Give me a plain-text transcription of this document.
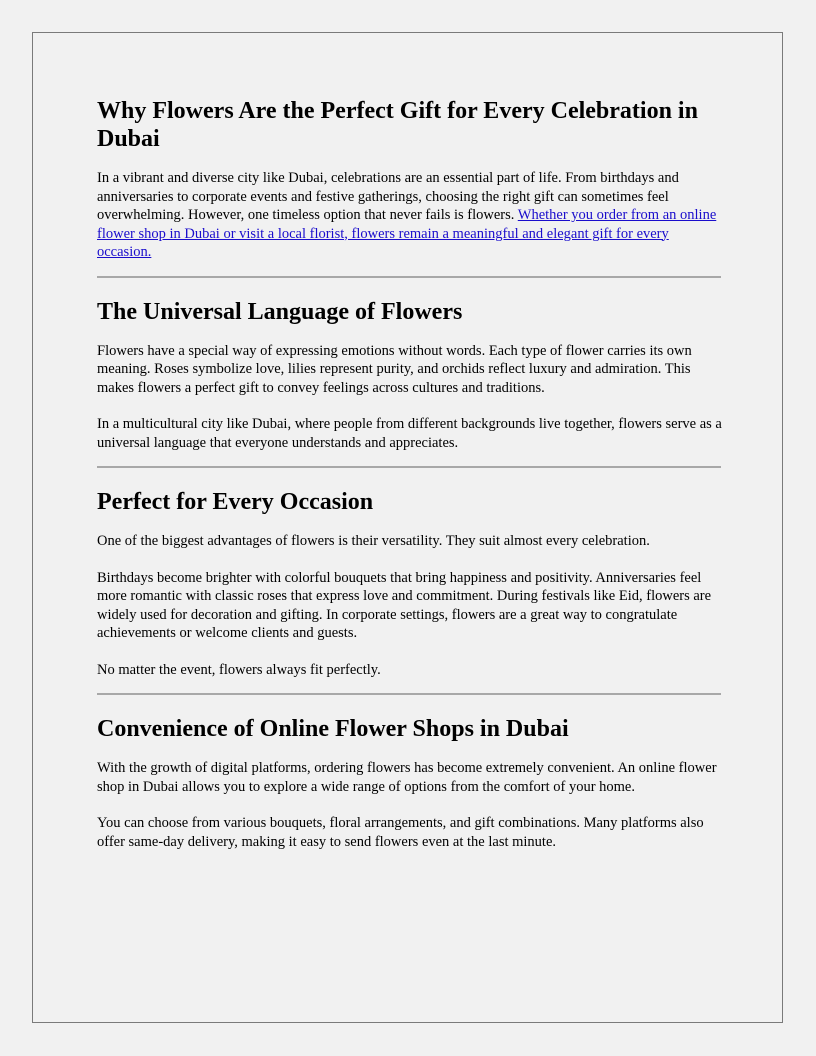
Why Flowers Are the Perfect Gift for Every Celebration in Dubai

In a vibrant and diverse city like Dubai, celebrations are an essential part of life. From birthdays and anniversaries to corporate events and festive gatherings, choosing the right gift can sometimes feel overwhelming. However, one timeless option that never fails is flowers. Whether you order from an online flower shop in Dubai or visit a local florist, flowers remain a meaningful and elegant gift for every occasion.

The Universal Language of Flowers

Flowers have a special way of expressing emotions without words. Each type of flower carries its own meaning. Roses symbolize love, lilies represent purity, and orchids reflect luxury and admiration. This makes flowers a perfect gift to convey feelings across cultures and traditions.

In a multicultural city like Dubai, where people from different backgrounds live together, flowers serve as a universal language that everyone understands and appreciates.

Perfect for Every Occasion

One of the biggest advantages of flowers is their versatility. They suit almost every celebration.

Birthdays become brighter with colorful bouquets that bring happiness and positivity. Anniversaries feel more romantic with classic roses that express love and commitment. During festivals like Eid, flowers are widely used for decoration and gifting. In corporate settings, flowers are a great way to congratulate achievements or welcome clients and guests.

No matter the event, flowers always fit perfectly.

Convenience of Online Flower Shops in Dubai

With the growth of digital platforms, ordering flowers has become extremely convenient. An online flower shop in Dubai allows you to explore a wide range of options from the comfort of your home.

You can choose from various bouquets, floral arrangements, and gift combinations. Many platforms also offer same-day delivery, making it easy to send flowers even at the last minute.
